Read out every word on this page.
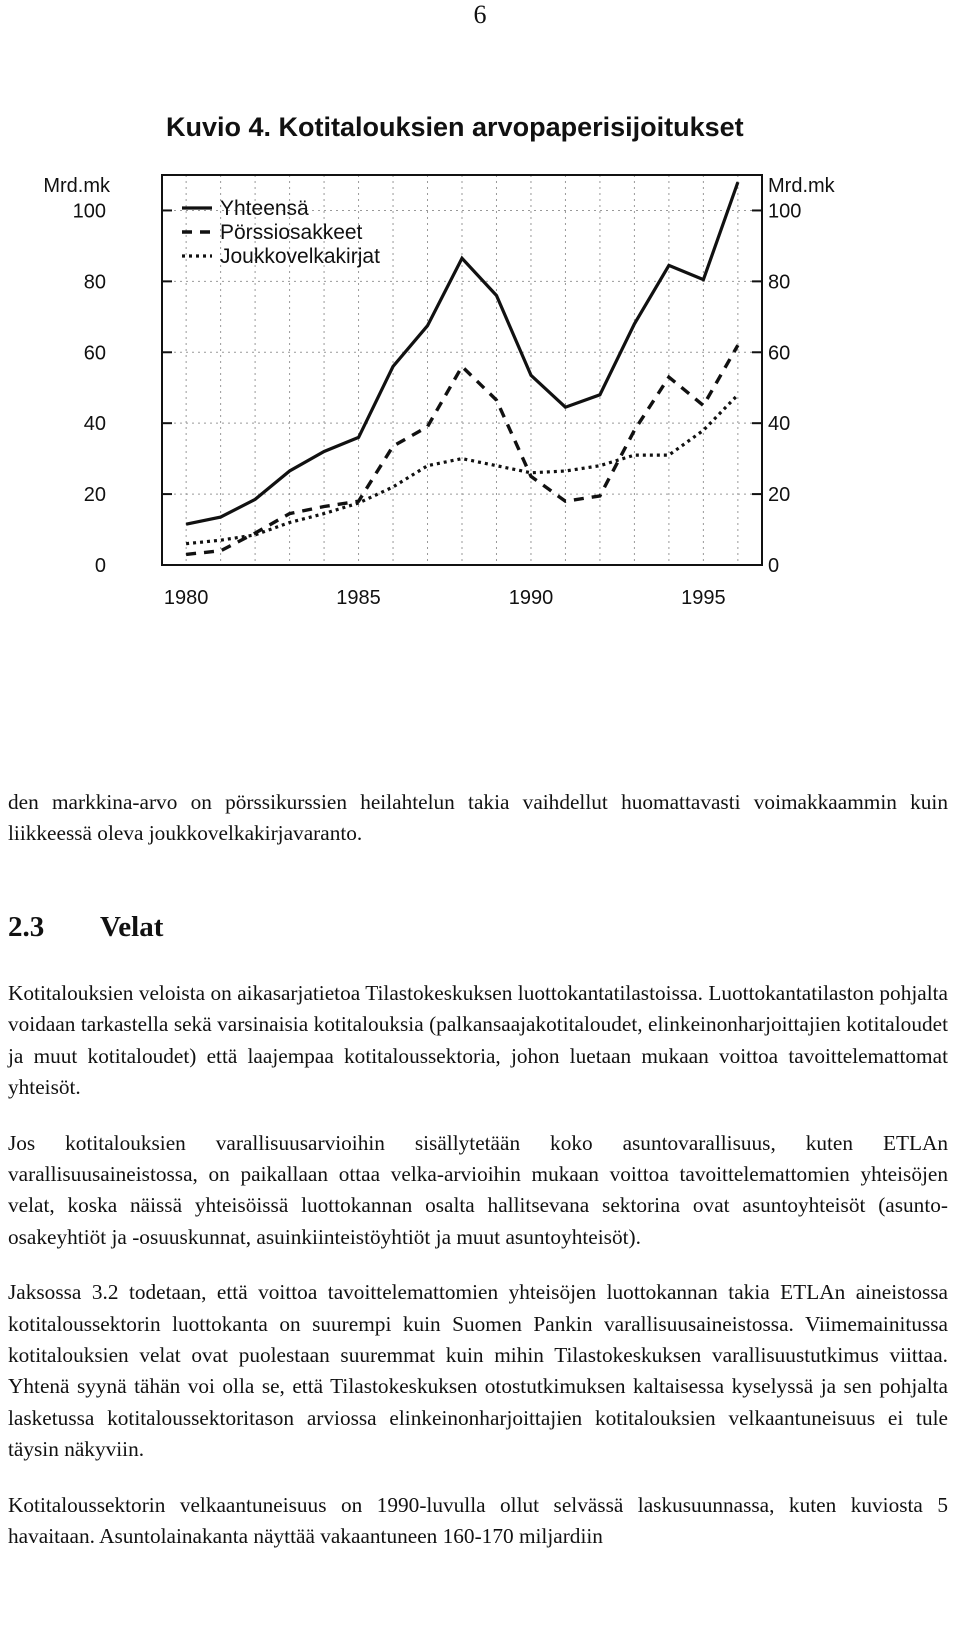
6
Kuvio 4. Kotitalouksien arvopaperisijoitukset
0	0
20	20
40	40
60	60
80	80
100	100
1980	1985	1990	1995
Yhteensä
Pörssiosakkeet
Joukkovelkakirjat
Mrd.mk	Mrd.mk

den markkina-arvo on pörssikurssien heilahtelun takia vaihdellut huomattavasti voimakkaammin kuin liikkeessä oleva joukkovelkakirjavaranto.

2.3 Velat

Kotitalouksien veloista on aikasarjatietoa Tilastokeskuksen luottokantatilastoissa. Luottokantatilaston pohjalta voidaan tarkastella sekä varsinaisia kotitalouksia (palkansaajakotitaloudet, elinkeinonharjoittajien kotitaloudet ja muut kotitaloudet) että laajempaa kotitaloussektoria, johon luetaan mukaan voittoa tavoittelemattomat yhteisöt.

Jos kotitalouksien varallisuusarvioihin sisällytetään koko asuntovarallisuus, kuten ETLAn varallisuusaineistossa, on paikallaan ottaa velka-arvioihin mukaan voittoa tavoittelemattomien yhteisöjen velat, koska näissä yhteisöissä luottokannan osalta hallitsevana sektorina ovat asuntoyhteisöt (asunto-osakeyhtiöt ja -osuuskunnat, asuinkiinteistöyhtiöt ja muut asuntoyhteisöt).

Jaksossa 3.2 todetaan, että voittoa tavoittelemattomien yhteisöjen luottokannan takia ETLAn aineistossa kotitaloussektorin luottokanta on suurempi kuin Suomen Pankin varallisuusaineistossa. Viimemainitussa kotitalouksien velat ovat puolestaan suuremmat kuin mihin Tilastokeskuksen varallisuustutkimus viittaa. Yhtenä syynä tähän voi olla se, että Tilastokeskuksen otostutkimuksen kaltaisessa kyselyssä ja sen pohjalta lasketussa kotitaloussektoritason arviossa elinkeinonharjoittajien kotitalouksien velkaantuneisuus ei tule täysin näkyviin.

Kotitaloussektorin velkaantuneisuus on 1990-luvulla ollut selvässä laskusuunnassa, kuten kuviosta 5 havaitaan. Asuntolainakanta näyttää vakaantuneen 160-170 miljardiin
